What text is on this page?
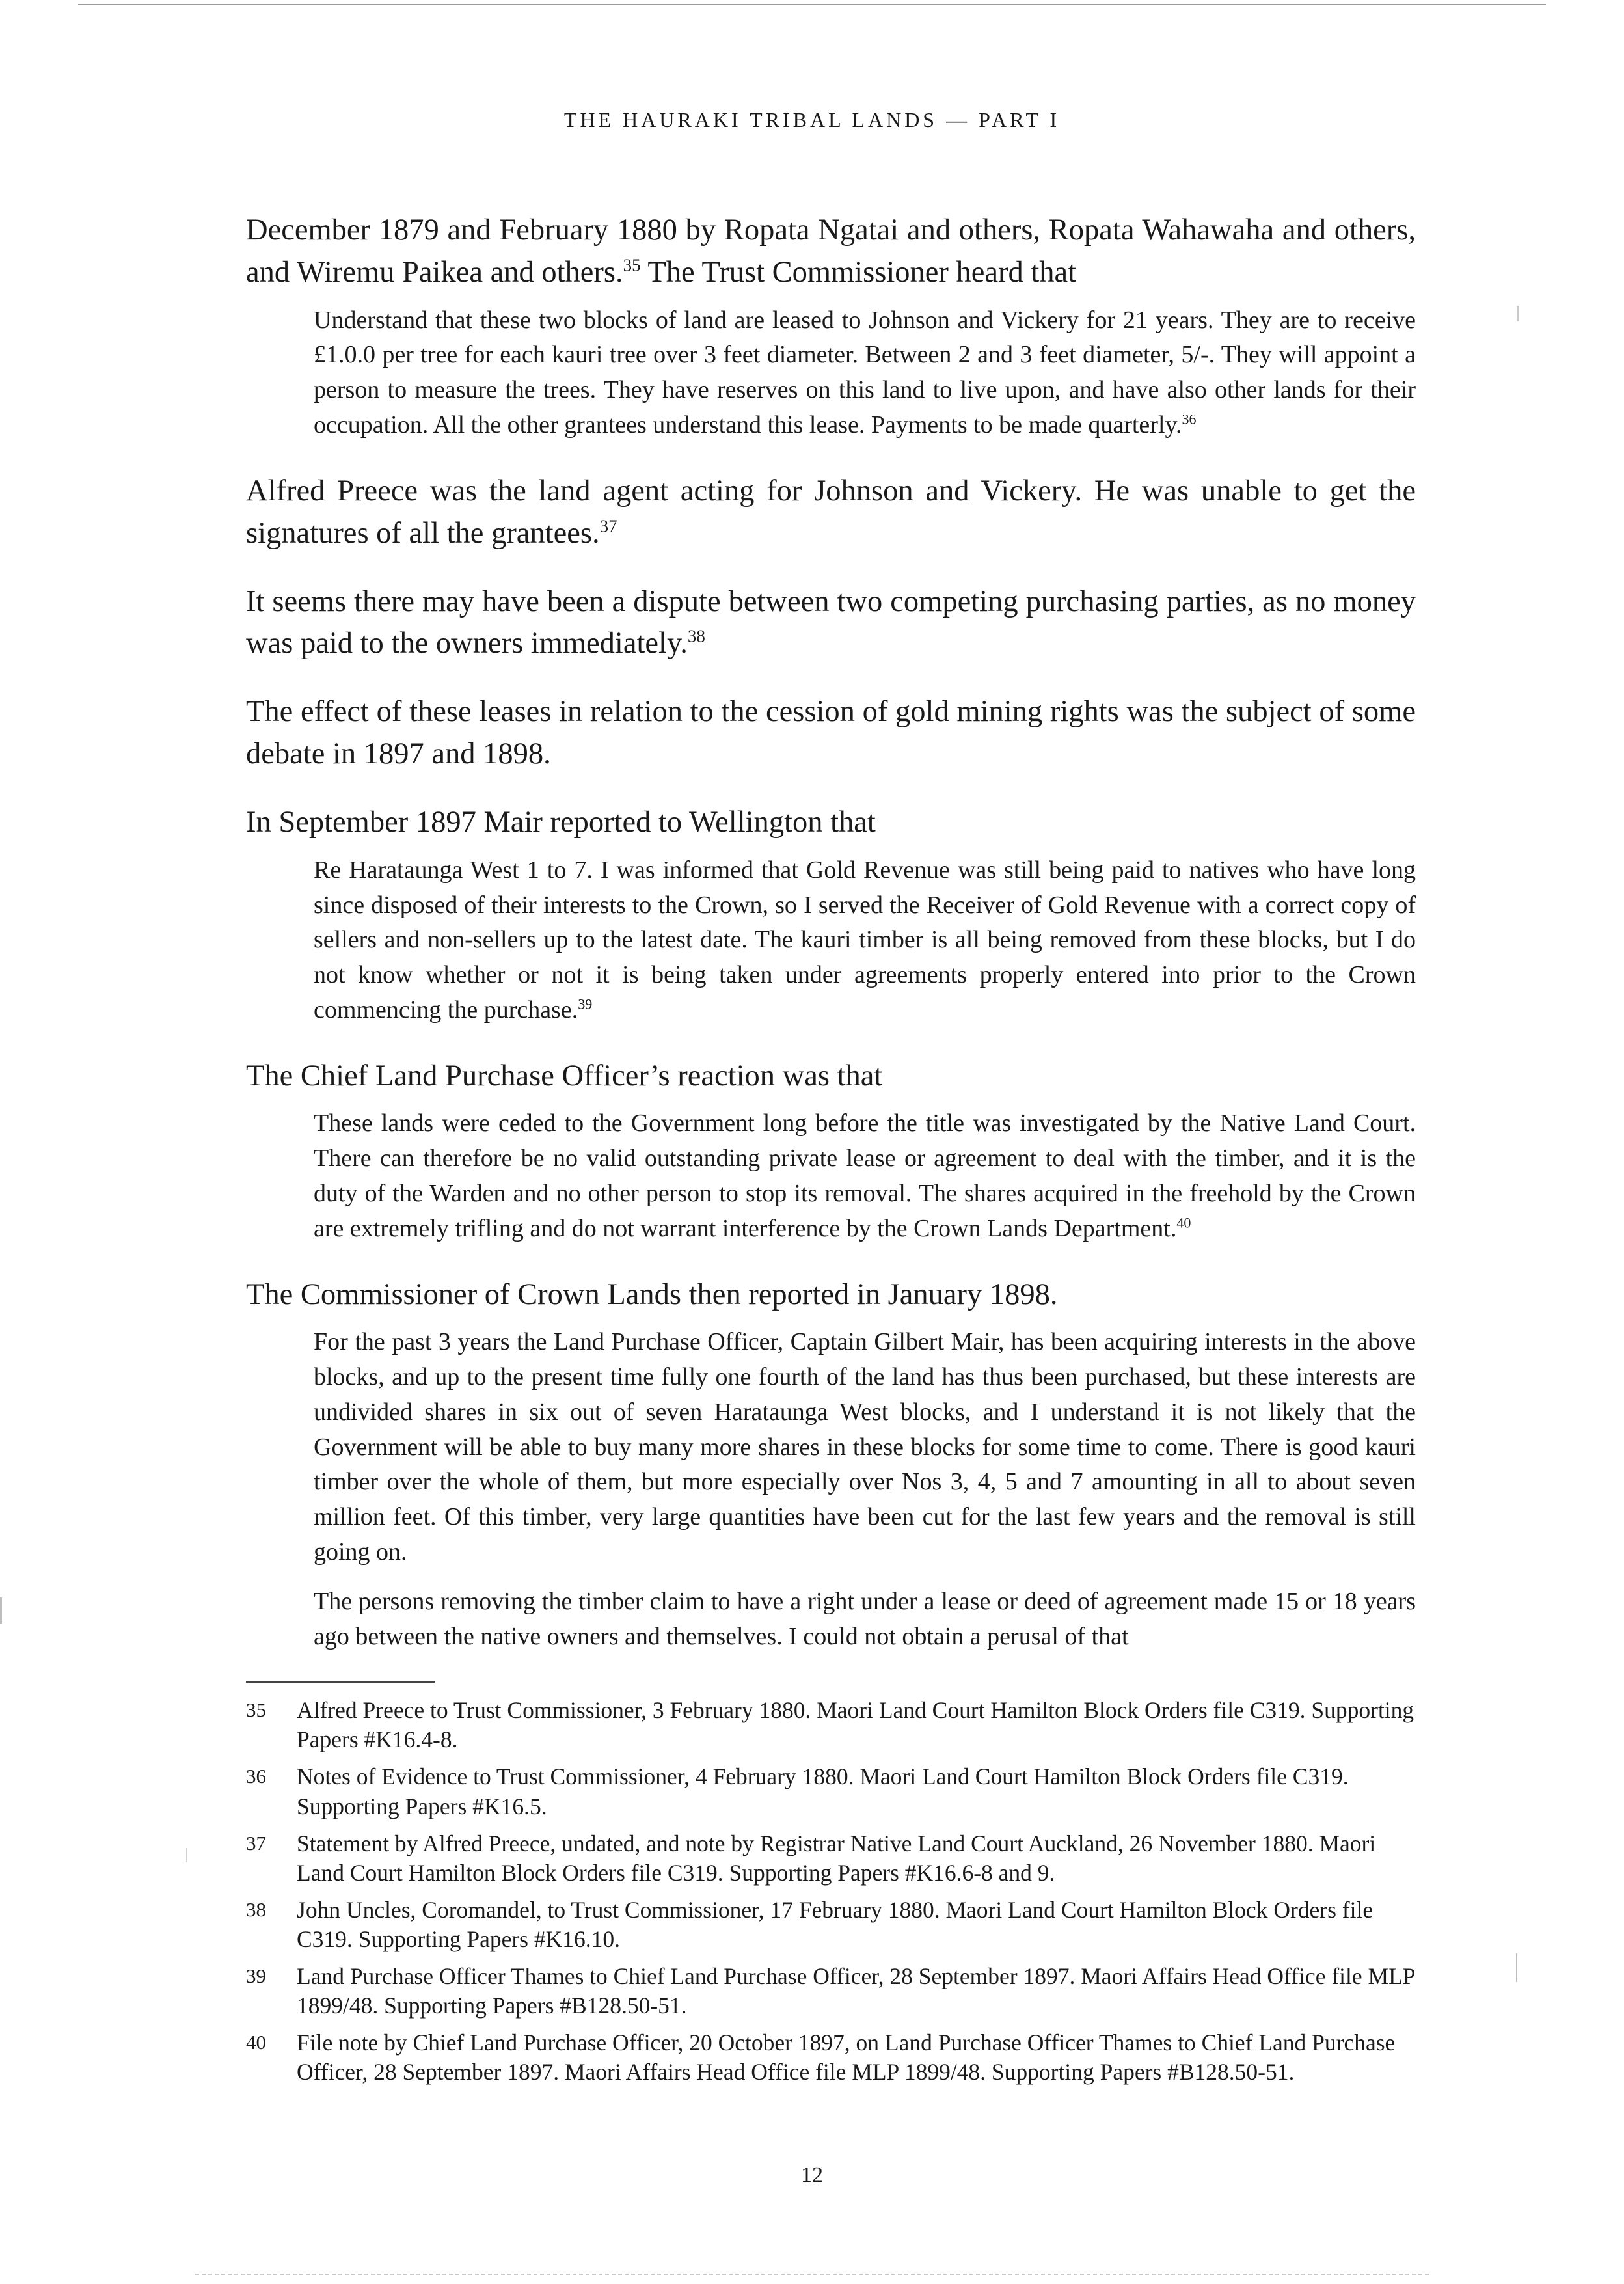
THE HAURAKI TRIBAL LANDS — PART I

December 1879 and February 1880 by Ropata Ngatai and others, Ropata Wahawaha and others, and Wiremu Paikea and others.$^{35}$ The Trust Commissioner heard that

Understand that these two blocks of land are leased to Johnson and Vickery for 21 years. They are to receive £1.0.0 per tree for each kauri tree over 3 feet diameter. Between 2 and 3 feet diameter, 5/-. They will appoint a person to measure the trees. They have reserves on this land to live upon, and have also other lands for their occupation. All the other grantees understand this lease. Payments to be made quarterly.$^{36}$

Alfred Preece was the land agent acting for Johnson and Vickery. He was unable to get the signatures of all the grantees.$^{37}$

It seems there may have been a dispute between two competing purchasing parties, as no money was paid to the owners immediately.$^{38}$

The effect of these leases in relation to the cession of gold mining rights was the subject of some debate in 1897 and 1898.

In September 1897 Mair reported to Wellington that

Re Harataunga West 1 to 7. I was informed that Gold Revenue was still being paid to natives who have long since disposed of their interests to the Crown, so I served the Receiver of Gold Revenue with a correct copy of sellers and non-sellers up to the latest date. The kauri timber is all being removed from these blocks, but I do not know whether or not it is being taken under agreements properly entered into prior to the Crown commencing the purchase.$^{39}$

The Chief Land Purchase Officer’s reaction was that

These lands were ceded to the Government long before the title was investigated by the Native Land Court. There can therefore be no valid outstanding private lease or agreement to deal with the timber, and it is the duty of the Warden and no other person to stop its removal. The shares acquired in the freehold by the Crown are extremely trifling and do not warrant interference by the Crown Lands Department.$^{40}$

The Commissioner of Crown Lands then reported in January 1898.

For the past 3 years the Land Purchase Officer, Captain Gilbert Mair, has been acquiring interests in the above blocks, and up to the present time fully one fourth of the land has thus been purchased, but these interests are undivided shares in six out of seven Harataunga West blocks, and I understand it is not likely that the Government will be able to buy many more shares in these blocks for some time to come. There is good kauri timber over the whole of them, but more especially over Nos 3, 4, 5 and 7 amounting in all to about seven million feet. Of this timber, very large quantities have been cut for the last few years and the removal is still going on.

The persons removing the timber claim to have a right under a lease or deed of agreement made 15 or 18 years ago between the native owners and themselves. I could not obtain a perusal of that

35	Alfred Preece to Trust Commissioner, 3 February 1880. Maori Land Court Hamilton Block Orders file C319. Supporting Papers #K16.4-8.
36	Notes of Evidence to Trust Commissioner, 4 February 1880. Maori Land Court Hamilton Block Orders file C319. Supporting Papers #K16.5.
37	Statement by Alfred Preece, undated, and note by Registrar Native Land Court Auckland, 26 November 1880. Maori Land Court Hamilton Block Orders file C319. Supporting Papers #K16.6-8 and 9.
38	John Uncles, Coromandel, to Trust Commissioner, 17 February 1880. Maori Land Court Hamilton Block Orders file C319. Supporting Papers #K16.10.
39	Land Purchase Officer Thames to Chief Land Purchase Officer, 28 September 1897. Maori Affairs Head Office file MLP 1899/48. Supporting Papers #B128.50-51.
40	File note by Chief Land Purchase Officer, 20 October 1897, on Land Purchase Officer Thames to Chief Land Purchase Officer, 28 September 1897. Maori Affairs Head Office file MLP 1899/48. Supporting Papers #B128.50-51.
12
